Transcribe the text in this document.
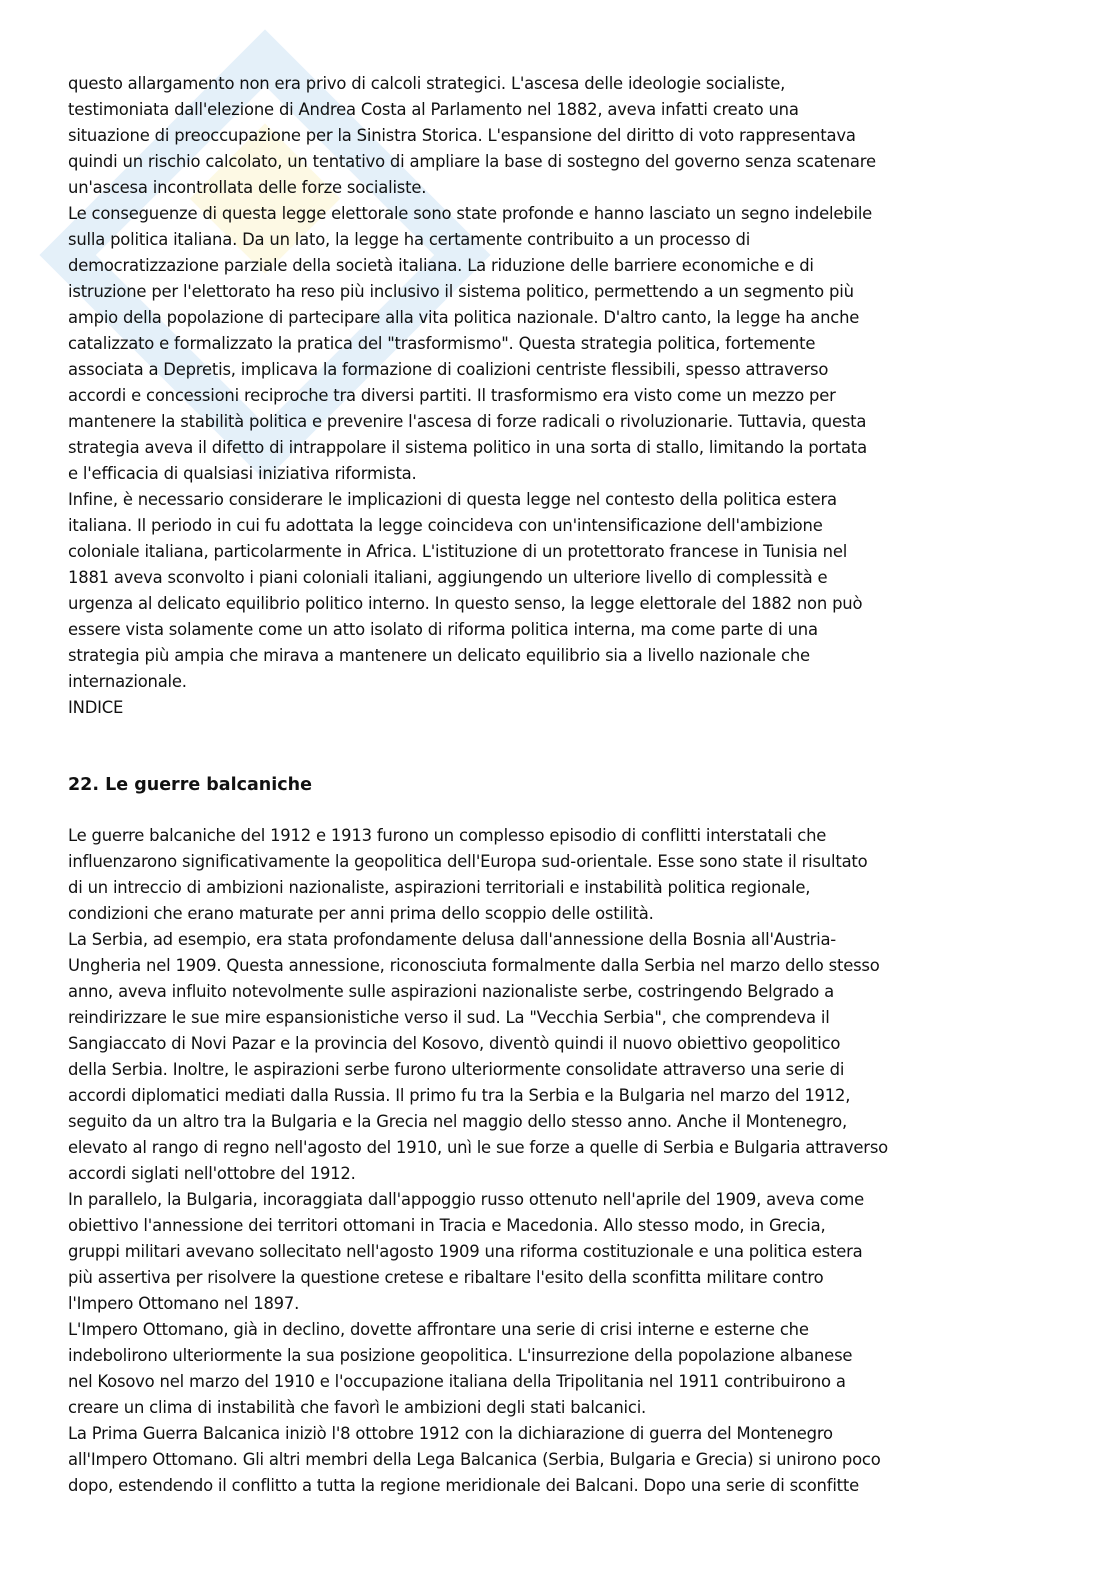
questo allargamento non era privo di calcoli strategici. L'ascesa delle ideologie socialiste,
testimoniata dall'elezione di Andrea Costa al Parlamento nel 1882, aveva infatti creato una
situazione di preoccupazione per la Sinistra Storica. L'espansione del diritto di voto rappresentava
quindi un rischio calcolato, un tentativo di ampliare la base di sostegno del governo senza scatenare
un'ascesa incontrollata delle forze socialiste.
Le conseguenze di questa legge elettorale sono state profonde e hanno lasciato un segno indelebile
sulla politica italiana. Da un lato, la legge ha certamente contribuito a un processo di
democratizzazione parziale della società italiana. La riduzione delle barriere economiche e di
istruzione per l'elettorato ha reso più inclusivo il sistema politico, permettendo a un segmento più
ampio della popolazione di partecipare alla vita politica nazionale. D'altro canto, la legge ha anche
catalizzato e formalizzato la pratica del "trasformismo". Questa strategia politica, fortemente
associata a Depretis, implicava la formazione di coalizioni centriste flessibili, spesso attraverso
accordi e concessioni reciproche tra diversi partiti. Il trasformismo era visto come un mezzo per
mantenere la stabilità politica e prevenire l'ascesa di forze radicali o rivoluzionarie. Tuttavia, questa
strategia aveva il difetto di intrappolare il sistema politico in una sorta di stallo, limitando la portata
e l'efficacia di qualsiasi iniziativa riformista.
Infine, è necessario considerare le implicazioni di questa legge nel contesto della politica estera
italiana. Il periodo in cui fu adottata la legge coincideva con un'intensificazione dell'ambizione
coloniale italiana, particolarmente in Africa. L'istituzione di un protettorato francese in Tunisia nel
1881 aveva sconvolto i piani coloniali italiani, aggiungendo un ulteriore livello di complessità e
urgenza al delicato equilibrio politico interno. In questo senso, la legge elettorale del 1882 non può
essere vista solamente come un atto isolato di riforma politica interna, ma come parte di una
strategia più ampia che mirava a mantenere un delicato equilibrio sia a livello nazionale che
internazionale.
INDICE
22. Le guerre balcaniche
Le guerre balcaniche del 1912 e 1913 furono un complesso episodio di conflitti interstatali che
influenzarono significativamente la geopolitica dell'Europa sud-orientale. Esse sono state il risultato
di un intreccio di ambizioni nazionaliste, aspirazioni territoriali e instabilità politica regionale,
condizioni che erano maturate per anni prima dello scoppio delle ostilità.
La Serbia, ad esempio, era stata profondamente delusa dall'annessione della Bosnia all'Austria-
Ungheria nel 1909. Questa annessione, riconosciuta formalmente dalla Serbia nel marzo dello stesso
anno, aveva influito notevolmente sulle aspirazioni nazionaliste serbe, costringendo Belgrado a
reindirizzare le sue mire espansionistiche verso il sud. La "Vecchia Serbia", che comprendeva il
Sangiaccato di Novi Pazar e la provincia del Kosovo, diventò quindi il nuovo obiettivo geopolitico
della Serbia. Inoltre, le aspirazioni serbe furono ulteriormente consolidate attraverso una serie di
accordi diplomatici mediati dalla Russia. Il primo fu tra la Serbia e la Bulgaria nel marzo del 1912,
seguito da un altro tra la Bulgaria e la Grecia nel maggio dello stesso anno. Anche il Montenegro,
elevato al rango di regno nell'agosto del 1910, unì le sue forze a quelle di Serbia e Bulgaria attraverso
accordi siglati nell'ottobre del 1912.
In parallelo, la Bulgaria, incoraggiata dall'appoggio russo ottenuto nell'aprile del 1909, aveva come
obiettivo l'annessione dei territori ottomani in Tracia e Macedonia. Allo stesso modo, in Grecia,
gruppi militari avevano sollecitato nell'agosto 1909 una riforma costituzionale e una politica estera
più assertiva per risolvere la questione cretese e ribaltare l'esito della sconfitta militare contro
l'Impero Ottomano nel 1897.
L'Impero Ottomano, già in declino, dovette affrontare una serie di crisi interne e esterne che
indebolirono ulteriormente la sua posizione geopolitica. L'insurrezione della popolazione albanese
nel Kosovo nel marzo del 1910 e l'occupazione italiana della Tripolitania nel 1911 contribuirono a
creare un clima di instabilità che favorì le ambizioni degli stati balcanici.
La Prima Guerra Balcanica iniziò l'8 ottobre 1912 con la dichiarazione di guerra del Montenegro
all'Impero Ottomano. Gli altri membri della Lega Balcanica (Serbia, Bulgaria e Grecia) si unirono poco
dopo, estendendo il conflitto a tutta la regione meridionale dei Balcani. Dopo una serie di sconfitte
